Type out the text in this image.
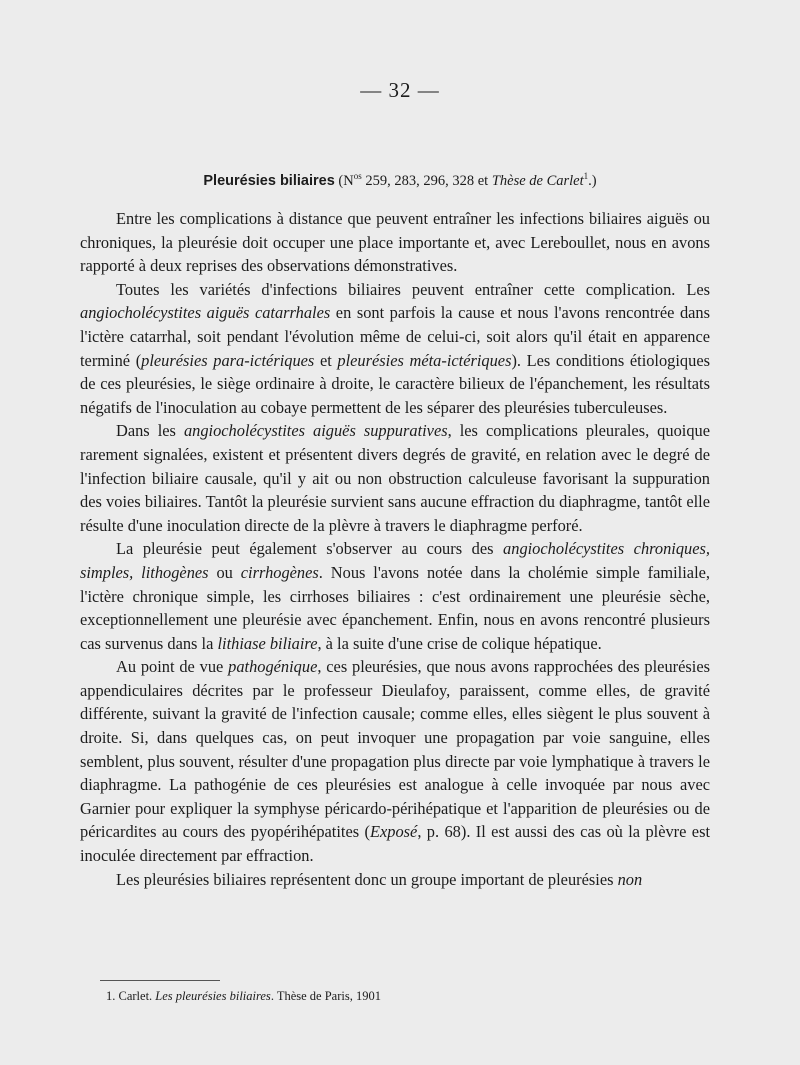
— 32 —
Pleurésies biliaires ($N^{os}$ 259, 283, 296, 328 et Thèse de Carlet$^1$.)

Entre les complications à distance que peuvent entraîner les infections biliaires aiguës ou chroniques, la pleurésie doit occuper une place importante et, avec Lereboullet, nous en avons rapporté à deux reprises des observations démonstratives.

Toutes les variétés d'infections biliaires peuvent entraîner cette complication. Les angiocholécystites aiguës catarrhales en sont parfois la cause et nous l'avons rencontrée dans l'ictère catarrhal, soit pendant l'évolution même de celui-ci, soit alors qu'il était en apparence terminé (pleurésies para-ictériques et pleurésies méta-ictériques). Les conditions étiologiques de ces pleurésies, le siège ordinaire à droite, le caractère bilieux de l'épanchement, les résultats négatifs de l'inoculation au cobaye permettent de les séparer des pleurésies tuberculeuses.

Dans les angiocholécystites aiguës suppuratives, les complications pleurales, quoique rarement signalées, existent et présentent divers degrés de gravité, en relation avec le degré de l'infection biliaire causale, qu'il y ait ou non obstruction calculeuse favorisant la suppuration des voies biliaires. Tantôt la pleurésie survient sans aucune effraction du diaphragme, tantôt elle résulte d'une inoculation directe de la plèvre à travers le diaphragme perforé.

La pleurésie peut également s'observer au cours des angiocholécystites chroniques, simples, lithogènes ou cirrhogènes. Nous l'avons notée dans la cholémie simple familiale, l'ictère chronique simple, les cirrhoses biliaires : c'est ordinairement une pleurésie sèche, exceptionnellement une pleurésie avec épanchement. Enfin, nous en avons rencontré plusieurs cas survenus dans la lithiase biliaire, à la suite d'une crise de colique hépatique.

Au point de vue pathogénique, ces pleurésies, que nous avons rapprochées des pleurésies appendiculaires décrites par le professeur Dieulafoy, paraissent, comme elles, de gravité différente, suivant la gravité de l'infection causale; comme elles, elles siègent le plus souvent à droite. Si, dans quelques cas, on peut invoquer une propagation par voie sanguine, elles semblent, plus souvent, résulter d'une propagation plus directe par voie lymphatique à travers le diaphragme. La pathogénie de ces pleurésies est analogue à celle invoquée par nous avec Garnier pour expliquer la symphyse péricardo-périhépatique et l'apparition de pleurésies ou de péricardites au cours des pyopérihépatites (Exposé, p. 68). Il est aussi des cas où la plèvre est inoculée directement par effraction.

Les pleurésies biliaires représentent donc un groupe important de pleurésies non

1. Carlet. Les pleurésies biliaires. Thèse de Paris, 1901
